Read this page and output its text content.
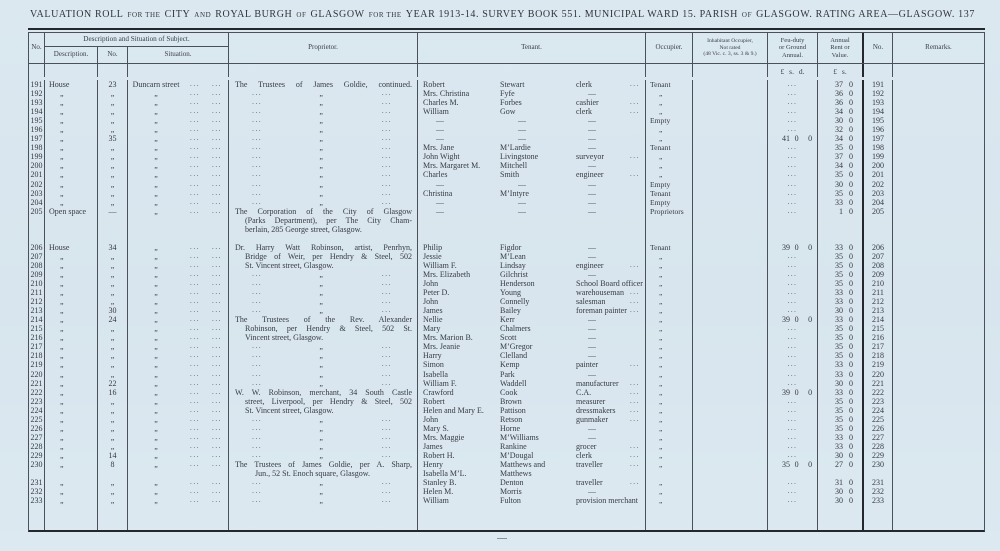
VALUATION ROLL FOR THE CITY AND ROYAL BURGH OF GLASGOW FOR THE YEAR 1913-14. SURVEY BOOK 551. MUNICIPAL WARD 15. PARISH OF GLASGOW. RATING AREA—GLASGOW. 137
No.
Description and Situation of Subject.
Description.	No.	Situation.
Proprietor.	Tenant.	Occupier.
Inhabitant Occupier,
Not rated
(48 Vic. c. 3, ss. 3 & 9.)
Feu-duty
or Ground
Annual.
Annual
Rent or
Value.
No.	Remarks.
£ s. d.	£ s.
191 House	23	Duncarn street	...	...	The Trustees of James Goldie, continued.	Robert	Stewart	clerk	...	Tenant	...	37 0	191
192	„	„	„	...	...	...	„	...	Mrs. Christina	Fyfe	—	„	...	36 0	192
193	„	„	„	...	...	...	„	...	Charles M.	Forbes	cashier	...	„	...	36 0	193
194	„	„	„	...	...	...	„	...	William	Gow	clerk	...	„	...	34 0	194
195	„	„	„	...	...	...	„	...	—	—	—	Empty	...	30 0	195
196	„	„	„	...	...	...	„	...	—	—	—	„	...	32 0	196
197	„	35	„	...	...	...	„	...	—	—	—	„	41 0	0	34 0	197
198	„	„	„	...	...	...	„	...	Mrs. Jane	M’Lardie	—	Tenant	...	35 0	198
199	„	„	„	...	...	...	„	...	John Wight	Livingstone	surveyor	...	„	...	37 0	199
200	„	„	„	...	...	...	„	...	Mrs. Margaret M.	Mitchell	—	„	...	34 0	200
201	„	„	„	...	...	...	„	...	Charles	Smith	engineer	...	„	...	35 0	201
202	„	„	„	...	...	...	„	...	—	—	—	Empty	...	30 0	202
203	„	„	„	...	...	...	„	...	Christina	M’Intyre	—	Tenant	...	35 0	203
204	„	„	„	...	...	...	„	...	—	—	—	Empty	...	33 0	204
205 Open space	—	„	...	...	The Corporation of the City of Glasgow	—	—	—	Proprietors	...	1 0	205
(Parks Department), per The City Cham-
berlain, 285 George street, Glasgow.
206 House	34	„	...	...	Dr. Harry Watt Robinson, artist, Penrhyn,	Philip	Figdor	—	Tenant	39 0	0	33 0	206
207	„	„	„	...	...	Bridge of Weir, per Hendry & Steel, 502	Jessie	M’Lean	—	„	...	35 0	207
208	„	„	„	...	...	St. Vincent street, Glasgow.	William F.	Lindsay	engineer	...	„	...	35 0	208
209	„	„	„	...	...	...	„	...	Mrs. Elizabeth	Gilchrist	—	„	...	35 0	209
210	„	„	„	...	...	...	„	...	John	Henderson	School Board officer	„	...	35 0	210
211	„	„	„	...	...	...	„	...	Peter D.	Young	warehouseman ...	„	...	33 0	211
212	„	„	„	...	...	...	„	...	John	Connelly	salesman	...	„	...	33 0	212
213	„	30	„	...	...	...	„	...	James	Bailey	foreman painter ...	„	...	30 0	213
214	„	24	„	...	...	The Trustees of the Rev. Alexander	Nellie	Kerr	—	„	39 0	0	33 0	214
215	„	„	„	...	...	Robinson, per Hendry & Steel, 502 St.	Mary	Chalmers	—	„	...	35 0	215
216	„	„	„	...	...	Vincent street, Glasgow.	Mrs. Marion B.	Scott	—	„	...	35 0	216
217	„	„	„	...	...	...	„	...	Mrs. Jeanie	M’Gregor	—	„	...	35 0	217
218	„	„	„	...	...	...	„	...	Harry	Clelland	—	„	...	35 0	218
219	„	„	„	...	...	...	„	...	Simon	Kemp	painter	...	„	...	33 0	219
220	„	„	„	...	...	...	„	...	Isabella	Park	—	„	...	33 0	220
221	„	22	„	...	...	...	„	...	William F.	Waddell	manufacturer ...	„	...	30 0	221
222	„	16	„	...	...	W. W. Robinson, merchant, 34 South Castle	Crawford	Cook	C.A.	...	„	39 0	0	33 0	222
223	„	„	„	...	...	street, Liverpool, per Hendry & Steel, 502	Robert	Brown	measurer	...	„	...	35 0	223
224	„	„	„	...	...	St. Vincent street, Glasgow.	Helen and Mary E.	Pattison	dressmakers ...	„	...	35 0	224
225	„	„	„	...	...	...	„	...	John	Retson	gunmaker	...	„	...	35 0	225
226	„	„	„	...	...	...	„	...	Mary S.	Horne	—	„	...	35 0	226
227	„	„	„	...	...	...	„	...	Mrs. Maggie	M’Williams	—	„	...	33 0	227
228	„	„	„	...	...	...	„	...	James	Rankine	grocer	...	„	...	33 0	228
229	„	14	„	...	...	...	„	...	Robert H.	M’Dougal	clerk	...	„	...	30 0	229
230	„	8	„	...	...	The Trustees of James Goldie, per A. Sharp,	Henry	Matthews and	traveller	...	„	35 0	0	27 0	230
Jun., 52 St. Enoch square, Glasgow.	Isabella M’L.	Matthews
231	„	„	„	...	...	...	„	...	Stanley B.	Denton	traveller	...	„	...	31 0	231
232	„	„	„	...	...	...	„	...	Helen M.	Morris	—	„	...	30 0	232
233	„	„	„	...	...	...	„	...	William	Fulton	provision merchant	„	...	30 0	233
